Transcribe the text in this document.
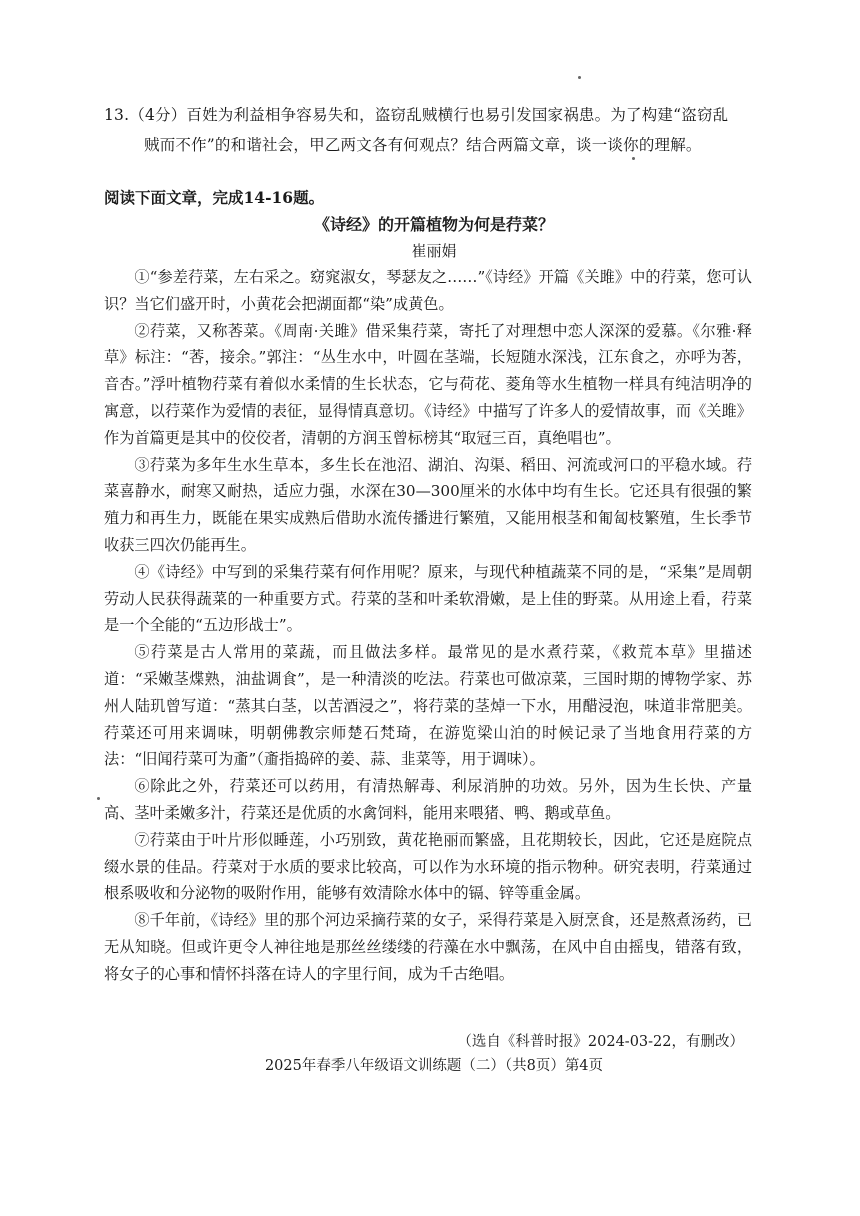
13.（4分）百姓为利益相争容易失和，盗窃乱贼横行也易引发国家祸患。为了构建“盗窃乱
贼而不作”的和谐社会，甲乙两文各有何观点？结合两篇文章，谈一谈你的理解。
阅读下面文章，完成14-16题。
《诗经》的开篇植物为何是荇菜？
崔丽娟

①“参差荇菜，左右采之。窈窕淑女，琴瑟友之……”《诗经》开篇《关雎》中的荇菜，您可认识？当它们盛开时，小黄花会把湖面都“染”成黄色。

②荇菜，又称莕菜。《周南·关雎》借采集荇菜，寄托了对理想中恋人深深的爱慕。《尔雅·释草》标注：“莕，接余。”郭注：“丛生水中，叶圆在茎端，长短随水深浅，江东食之，亦呼为莕，音杏。”浮叶植物荇菜有着似水柔情的生长状态，它与荷花、菱角等水生植物一样具有纯洁明净的寓意，以荇菜作为爱情的表征，显得情真意切。《诗经》中描写了许多人的爱情故事，而《关雎》作为首篇更是其中的佼佼者，清朝的方润玉曾标榜其“取冠三百，真绝唱也”。

③荇菜为多年生水生草本，多生长在池沼、湖泊、沟渠、稻田、河流或河口的平稳水域。荇菜喜静水，耐寒又耐热，适应力强，水深在30—300厘米的水体中均有生长。它还具有很强的繁殖力和再生力，既能在果实成熟后借助水流传播进行繁殖，又能用根茎和匍匐枝繁殖，生长季节收获三四次仍能再生。

④《诗经》中写到的采集荇菜有何作用呢？原来，与现代种植蔬菜不同的是，“采集”是周朝劳动人民获得蔬菜的一种重要方式。荇菜的茎和叶柔软滑嫩，是上佳的野菜。从用途上看，荇菜是一个全能的“五边形战士”。

⑤荇菜是古人常用的菜蔬，而且做法多样。最常见的是水煮荇菜，《救荒本草》里描述道：“采嫩茎煠熟，油盐调食”，是一种清淡的吃法。荇菜也可做凉菜，三国时期的博物学家、苏州人陆玑曾写道：“蒸其白茎，以苦酒浸之”，将荇菜的茎焯一下水，用醋浸泡，味道非常肥美。荇菜还可用来调味，明朝佛教宗师楚石梵琦，在游览梁山泊的时候记录了当地食用荇菜的方法：“旧闻荇菜可为齑”（齑指捣碎的姜、蒜、韭菜等，用于调味）。

⑥除此之外，荇菜还可以药用，有清热解毒、利尿消肿的功效。另外，因为生长快、产量高、茎叶柔嫩多汁，荇菜还是优质的水禽饲料，能用来喂猪、鸭、鹅或草鱼。

⑦荇菜由于叶片形似睡莲，小巧别致，黄花艳丽而繁盛，且花期较长，因此，它还是庭院点缀水景的佳品。荇菜对于水质的要求比较高，可以作为水环境的指示物种。研究表明，荇菜通过根系吸收和分泌物的吸附作用，能够有效清除水体中的镉、锌等重金属。

⑧千年前，《诗经》里的那个河边采摘荇菜的女子，采得荇菜是入厨烹食，还是熬煮汤药，已无从知晓。但或许更令人神往地是那丝丝缕缕的荇藻在水中飘荡，在风中自由摇曳，错落有致，将女子的心事和情怀抖落在诗人的字里行间，成为千古绝唱。

（选自《科普时报》2024-03-22，有删改）
2025年春季八年级语文训练题（二）（共8页）第4页
